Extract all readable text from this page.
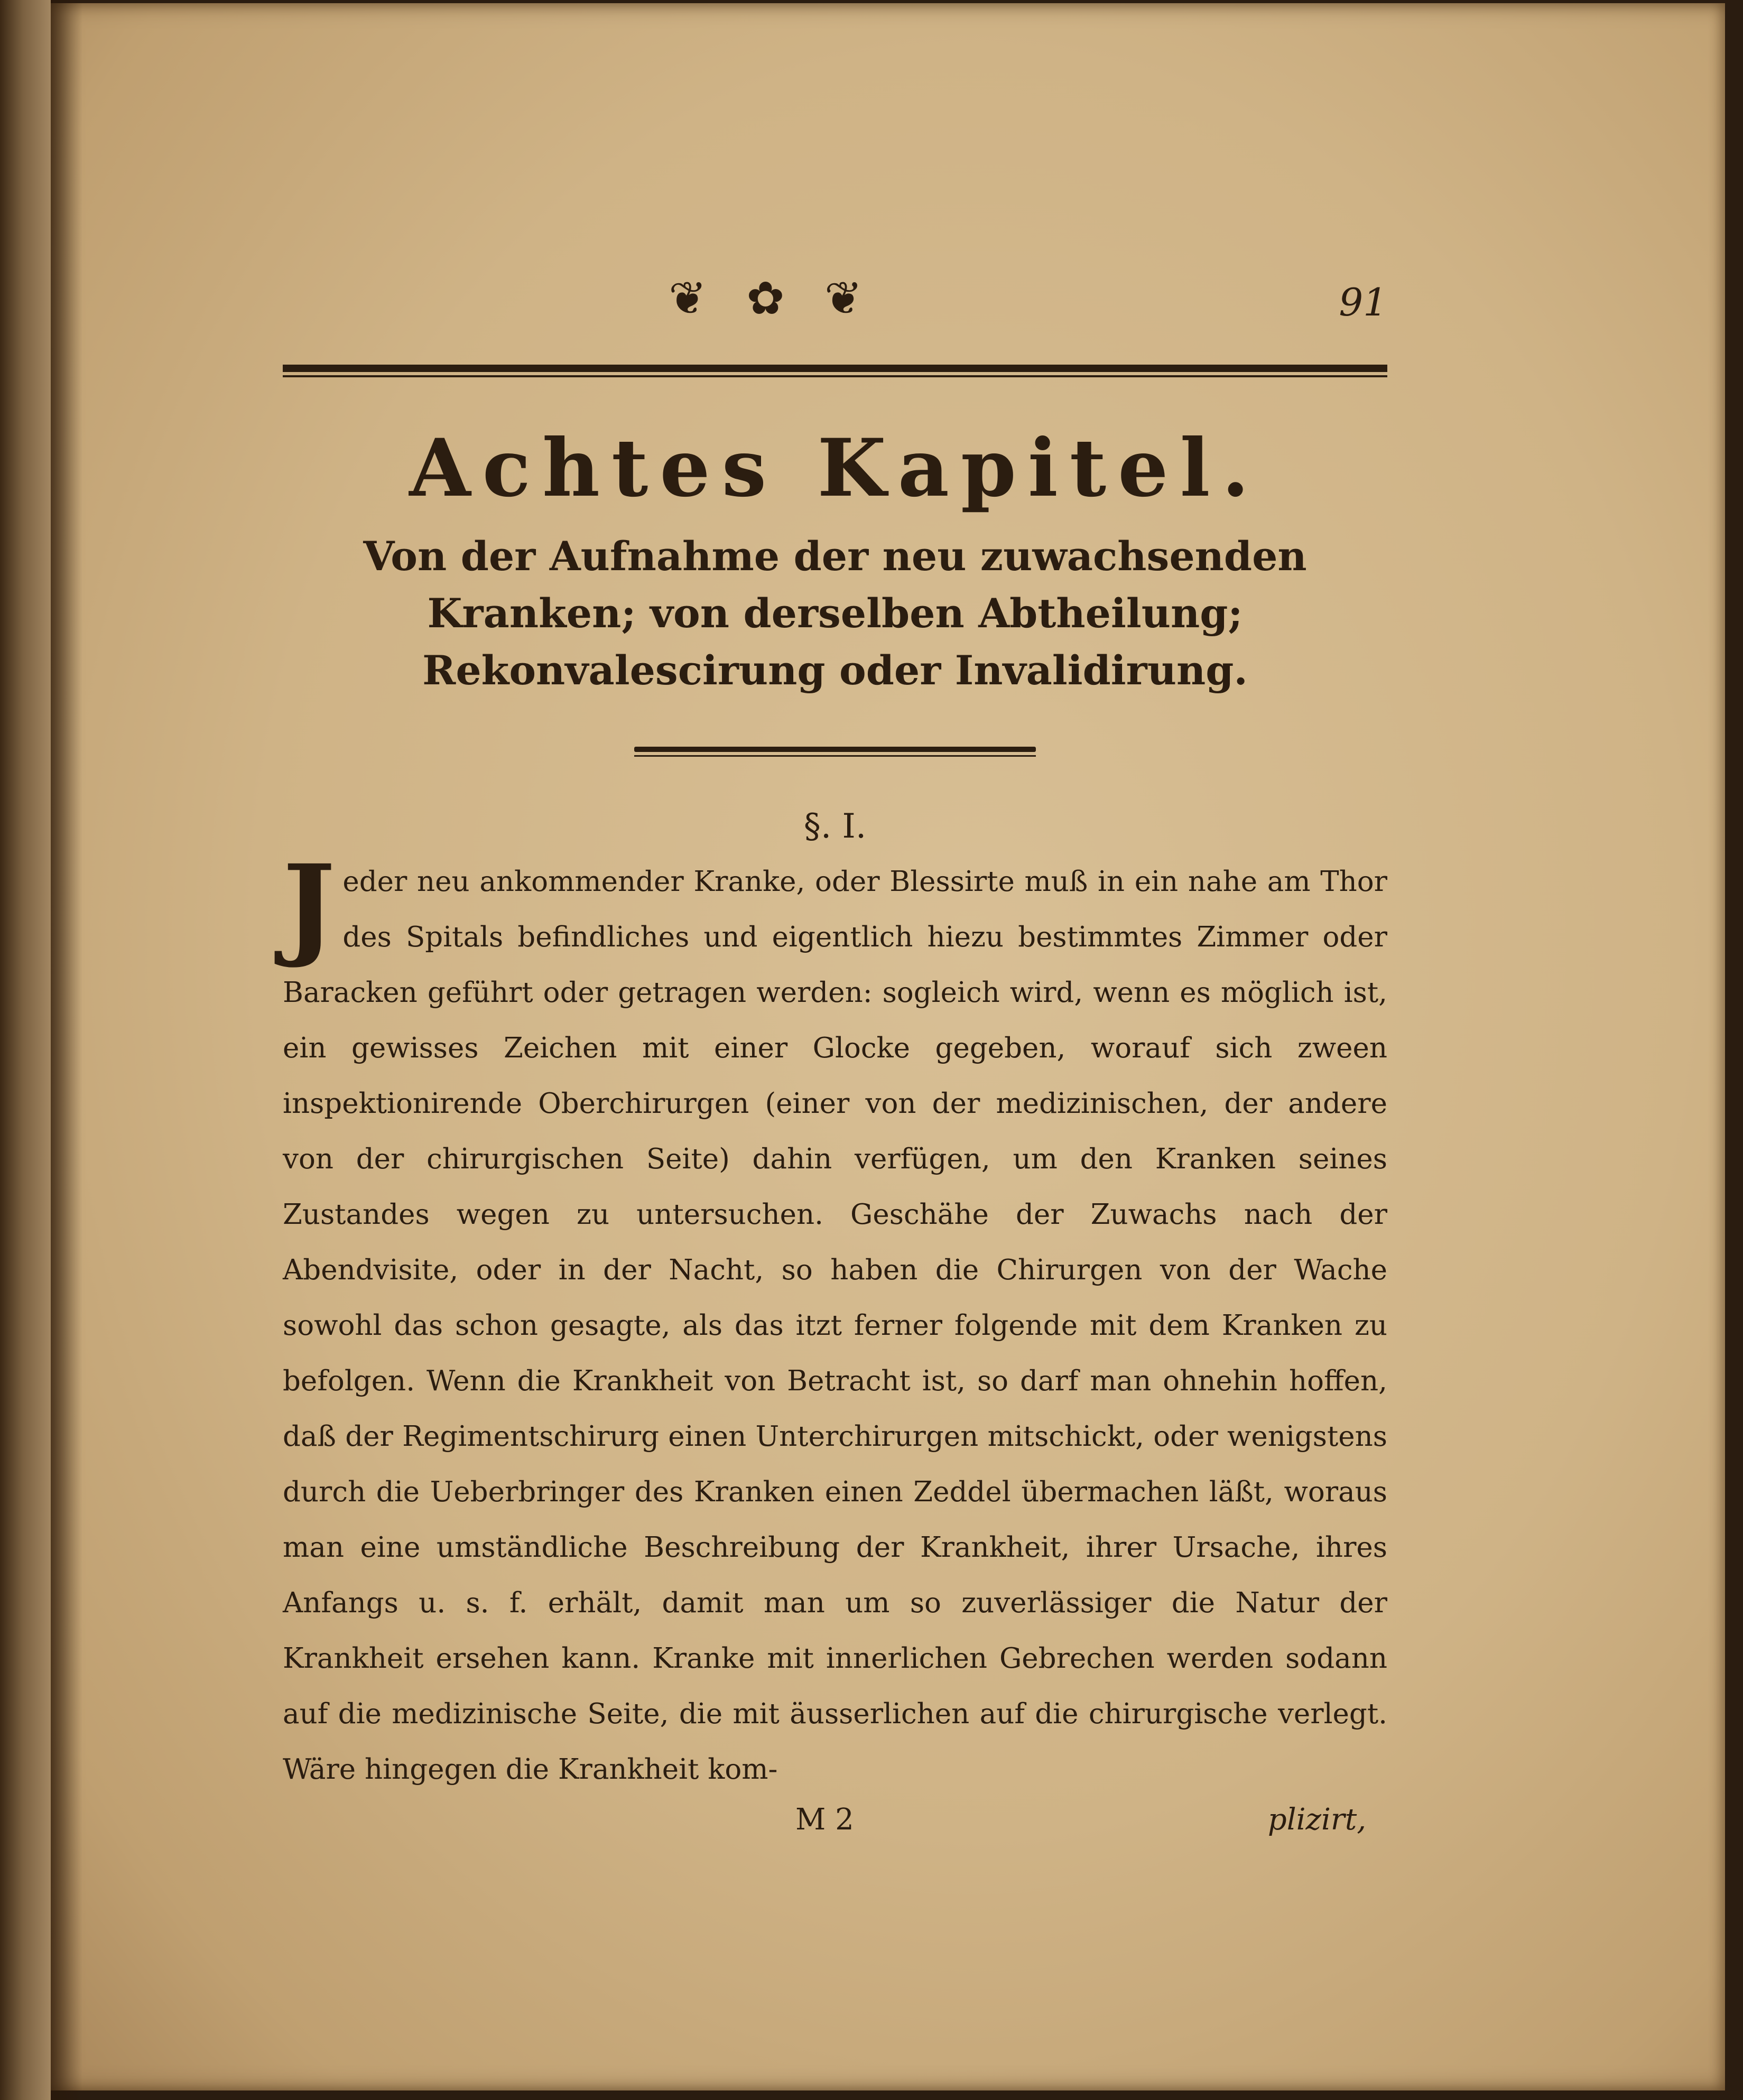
❦ ✿ ❦	91
Achtes Kapitel.
Von der Aufnahme der neu zuwachsenden Kranken; von derselben Abtheilung; Rekonvalescirung oder Invalidirung.
§. I.
J eder neu ankommender Kranke, oder Blessirte muß in ein nahe am Thor des Spitals befindliches und eigentlich hiezu bestimmtes Zimmer oder Baracken geführt oder getragen werden: sogleich wird, wenn es möglich ist, ein gewisses Zeichen mit einer Glocke gegeben, worauf sich zween inspektionirende Oberchirurgen (einer von der medizinischen, der andere von der chirurgischen Seite) dahin verfügen, um den Kranken seines Zustandes wegen zu untersuchen. Geschähe der Zuwachs nach der Abendvisite, oder in der Nacht, so haben die Chirurgen von der Wache sowohl das schon gesagte, als das itzt ferner folgende mit dem Kranken zu befolgen. Wenn die Krankheit von Betracht ist, so darf man ohnehin hoffen, daß der Regimentschirurg einen Unterchirurgen mitschickt, oder wenigstens durch die Ueberbringer des Kranken einen Zeddel übermachen läßt, woraus man eine umständliche Beschreibung der Krankheit, ihrer Ursache, ihres Anfangs u. s. f. erhält, damit man um so zuverlässiger die Natur der Krankheit ersehen kann. Kranke mit innerlichen Gebrechen werden sodann auf die medizinische Seite, die mit äusserlichen auf die chirurgische verlegt. Wäre hingegen die Krankheit kom-
M 2	plizirt,
